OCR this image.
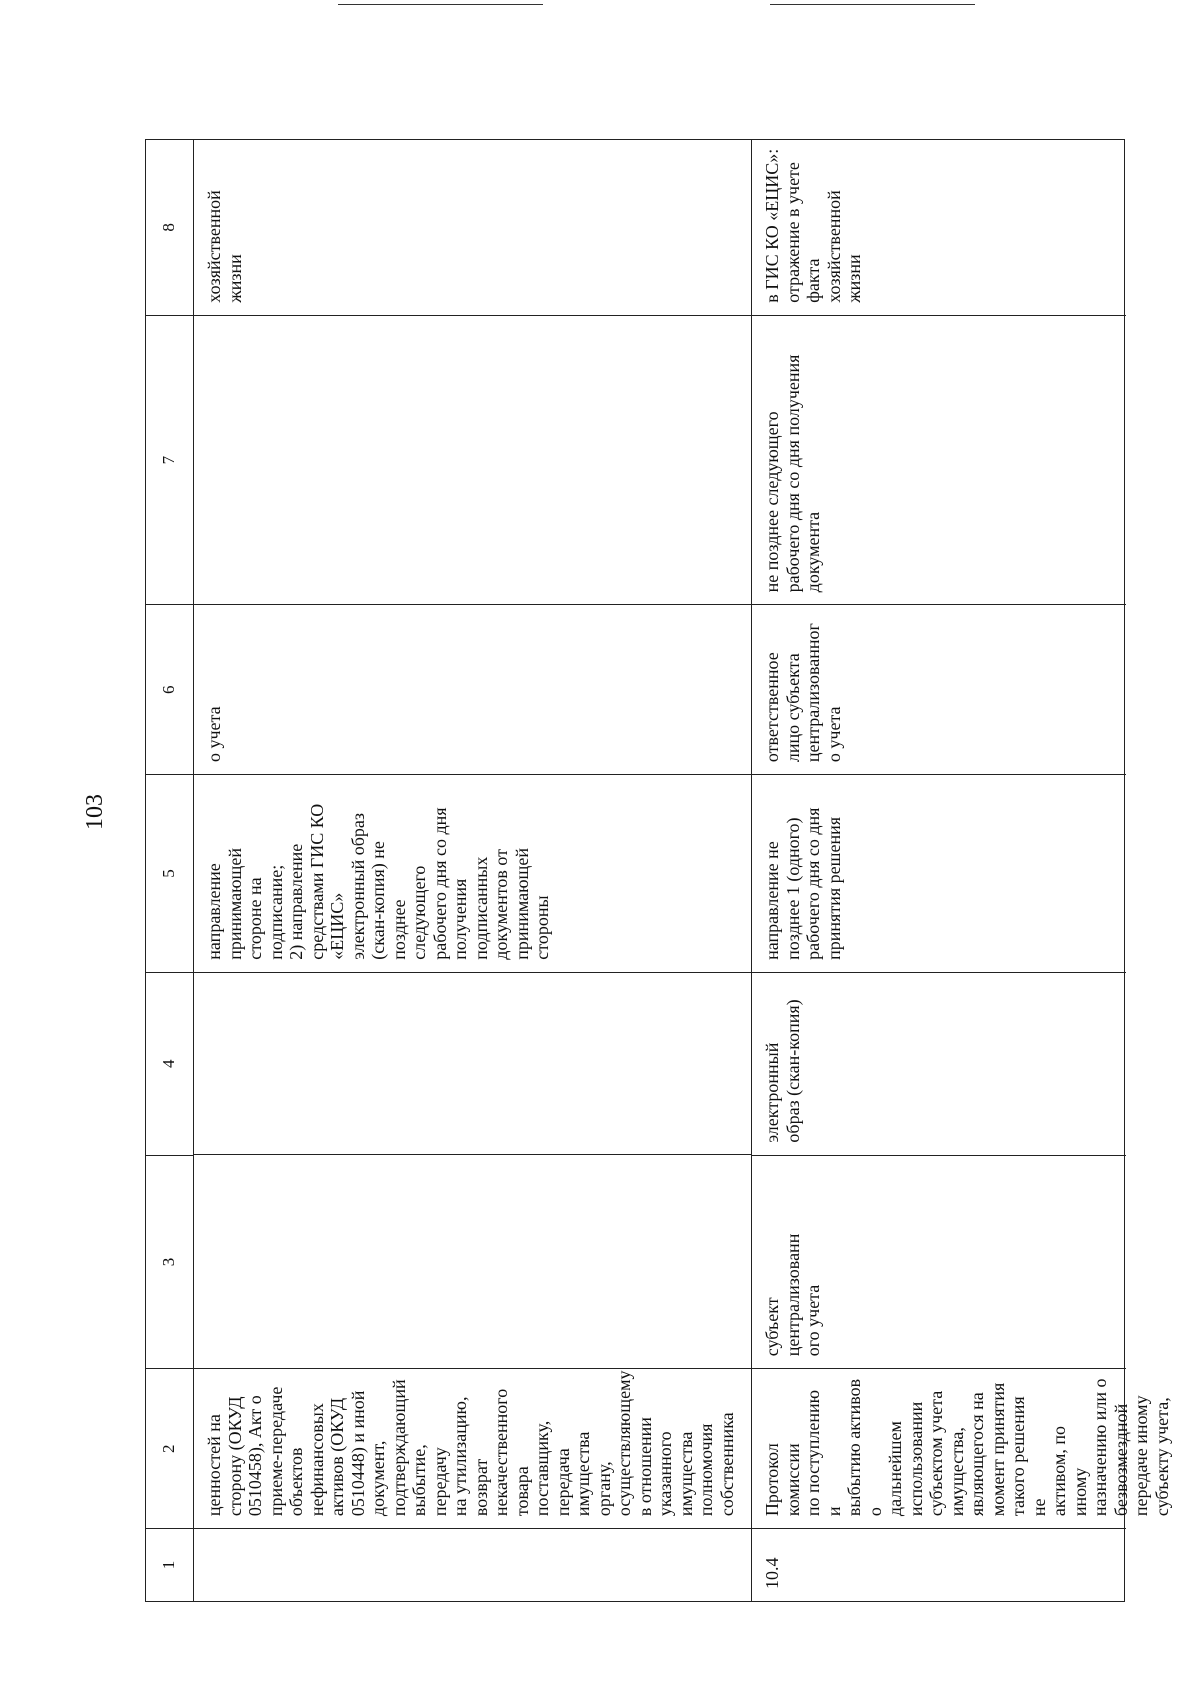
103
1
2
3
4
5
6
7
8
ценностей на
сторону (ОКУД
0510458), Акт о
приеме-передаче
объектов
нефинансовых
активов (ОКУД
0510448) и иной
документ,
подтверждающий
выбытие, передачу
на утилизацию,
возврат
некачественного
товара поставщику,
передача
имущества органу,
осуществляющему
в отношении
указанного
имущества
полномочия
собственника
направление
принимающей
стороне на
подписание;
2) направление
средствами ГИС КО
«ЕЦИС»
электронный образ
(скан-копия) не
позднее
следующего
рабочего дня со дня
получения
подписанных
документов от
принимающей
стороны
о учета
хозяйственной
жизни
10.4
Протокол комиссии
по поступлению и
выбытию активов о
дальнейшем
использовании
субъектом учета
имущества,
являющегося на
момент принятия
такого решения не
активом, по иному
назначению или о
безвозмездной
передаче иному
субъекту учета,
субъект
централизованн
ого учета
электронный
образ (скан-копия)
направление не
позднее 1 (одного)
рабочего дня со дня
принятия решения
ответственное
лицо субъекта
централизованног
о учета
не позднее следующего
рабочего дня со дня получения
документа
в ГИС КО «ЕЦИС»:
отражение в учете
факта
хозяйственной
жизни
